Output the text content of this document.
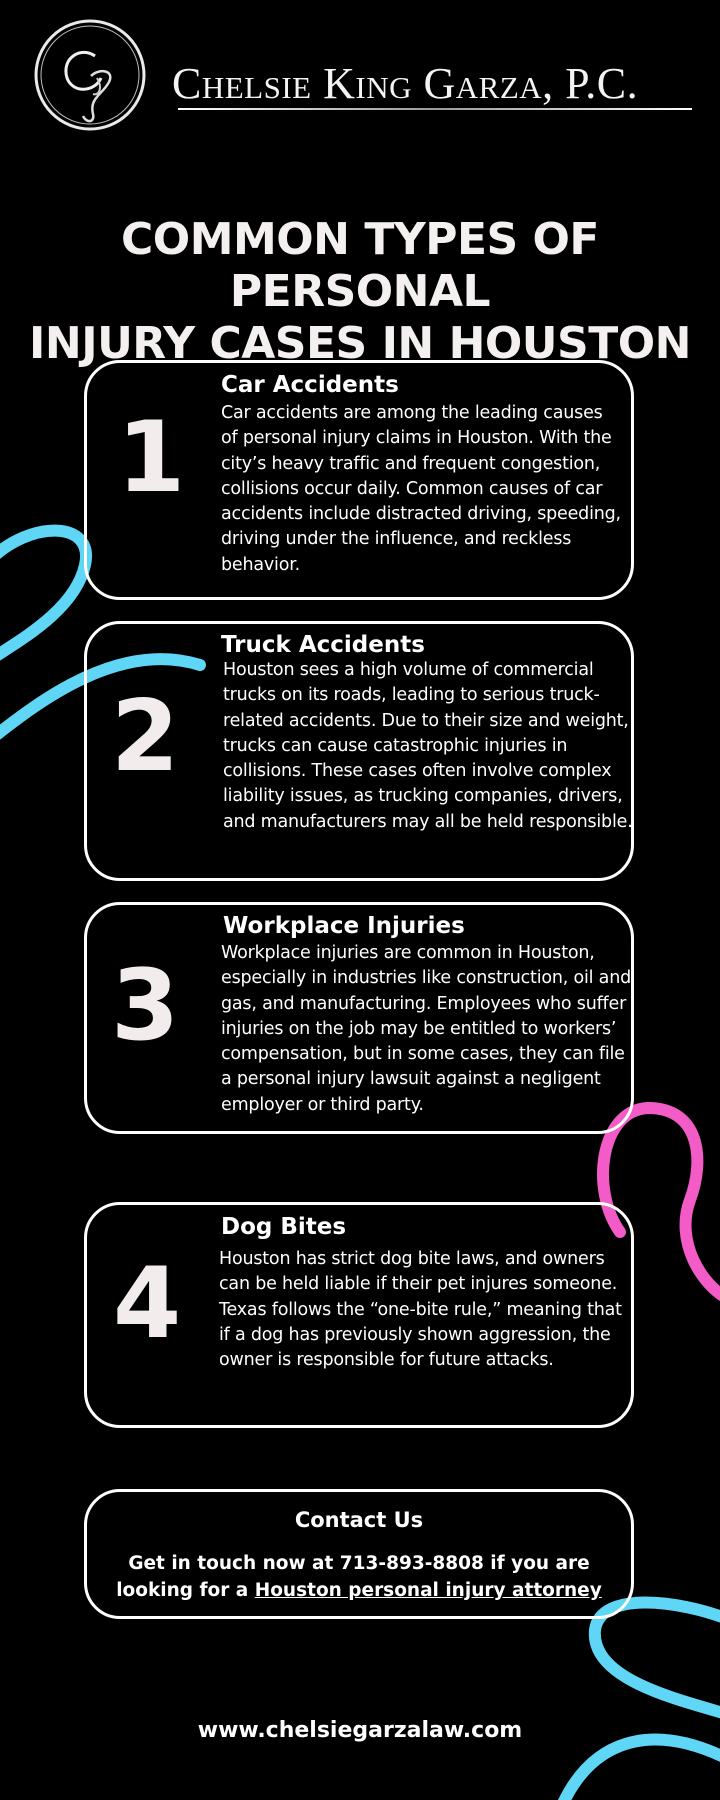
Chelsie King Garza, P.C.
COMMON TYPES OF PERSONAL
INJURY CASES IN HOUSTON
1
Car Accidents
Car accidents are among the leading causes of personal injury claims in Houston. With the city’s heavy traffic and frequent congestion, collisions occur daily. Common causes of car accidents include distracted driving, speeding, driving under the influence, and reckless behavior.
2
Truck Accidents
Houston sees a high volume of commercial trucks on its roads, leading to serious truck-related accidents. Due to their size and weight, trucks can cause catastrophic injuries in collisions. These cases often involve complex liability issues, as trucking companies, drivers, and manufacturers may all be held responsible.
3
Workplace Injuries
Workplace injuries are common in Houston, especially in industries like construction, oil and gas, and manufacturing. Employees who suffer injuries on the job may be entitled to workers’ compensation, but in some cases, they can file a personal injury lawsuit against a negligent employer or third party.
4
Dog Bites
Houston has strict dog bite laws, and owners can be held liable if their pet injures someone. Texas follows the “one-bite rule,” meaning that if a dog has previously shown aggression, the owner is responsible for future attacks.
Contact Us
Get in touch now at 713-893-8808 if you are looking for a Houston personal injury attorney
www.chelsiegarzalaw.com
